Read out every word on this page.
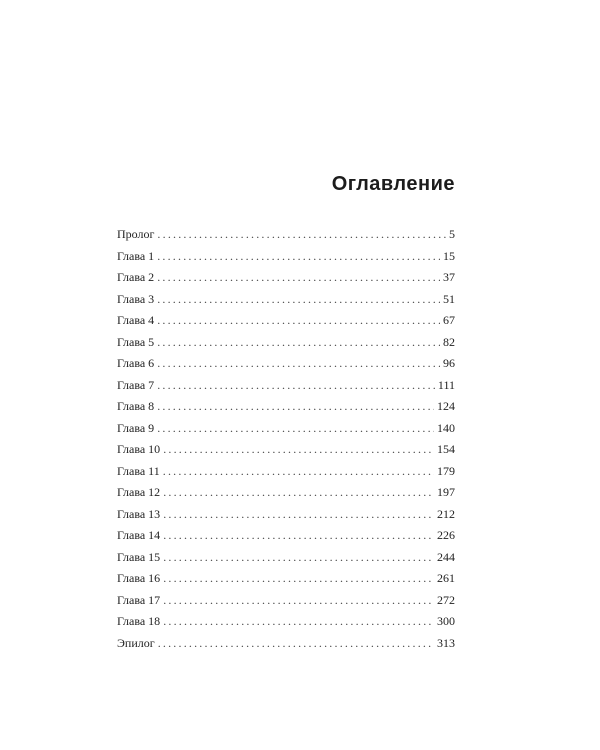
Оглавление
Пролог . . .	5
Глава 1 . . .	15
Глава 2 . . .	37
Глава 3 . . .	51
Глава 4 . . .	67
Глава 5 . . .	82
Глава 6 . . .	96
Глава 7 . . .	111
Глава 8 . . .	124
Глава 9 . . .	140
Глава 10 . . .	154
Глава 11 . . .	179
Глава 12 . . .	197
Глава 13 . . .	212
Глава 14 . . .	226
Глава 15 . . .	244
Глава 16 . . .	261
Глава 17 . . .	272
Глава 18 . . .	300
Эпилог . . .	313
